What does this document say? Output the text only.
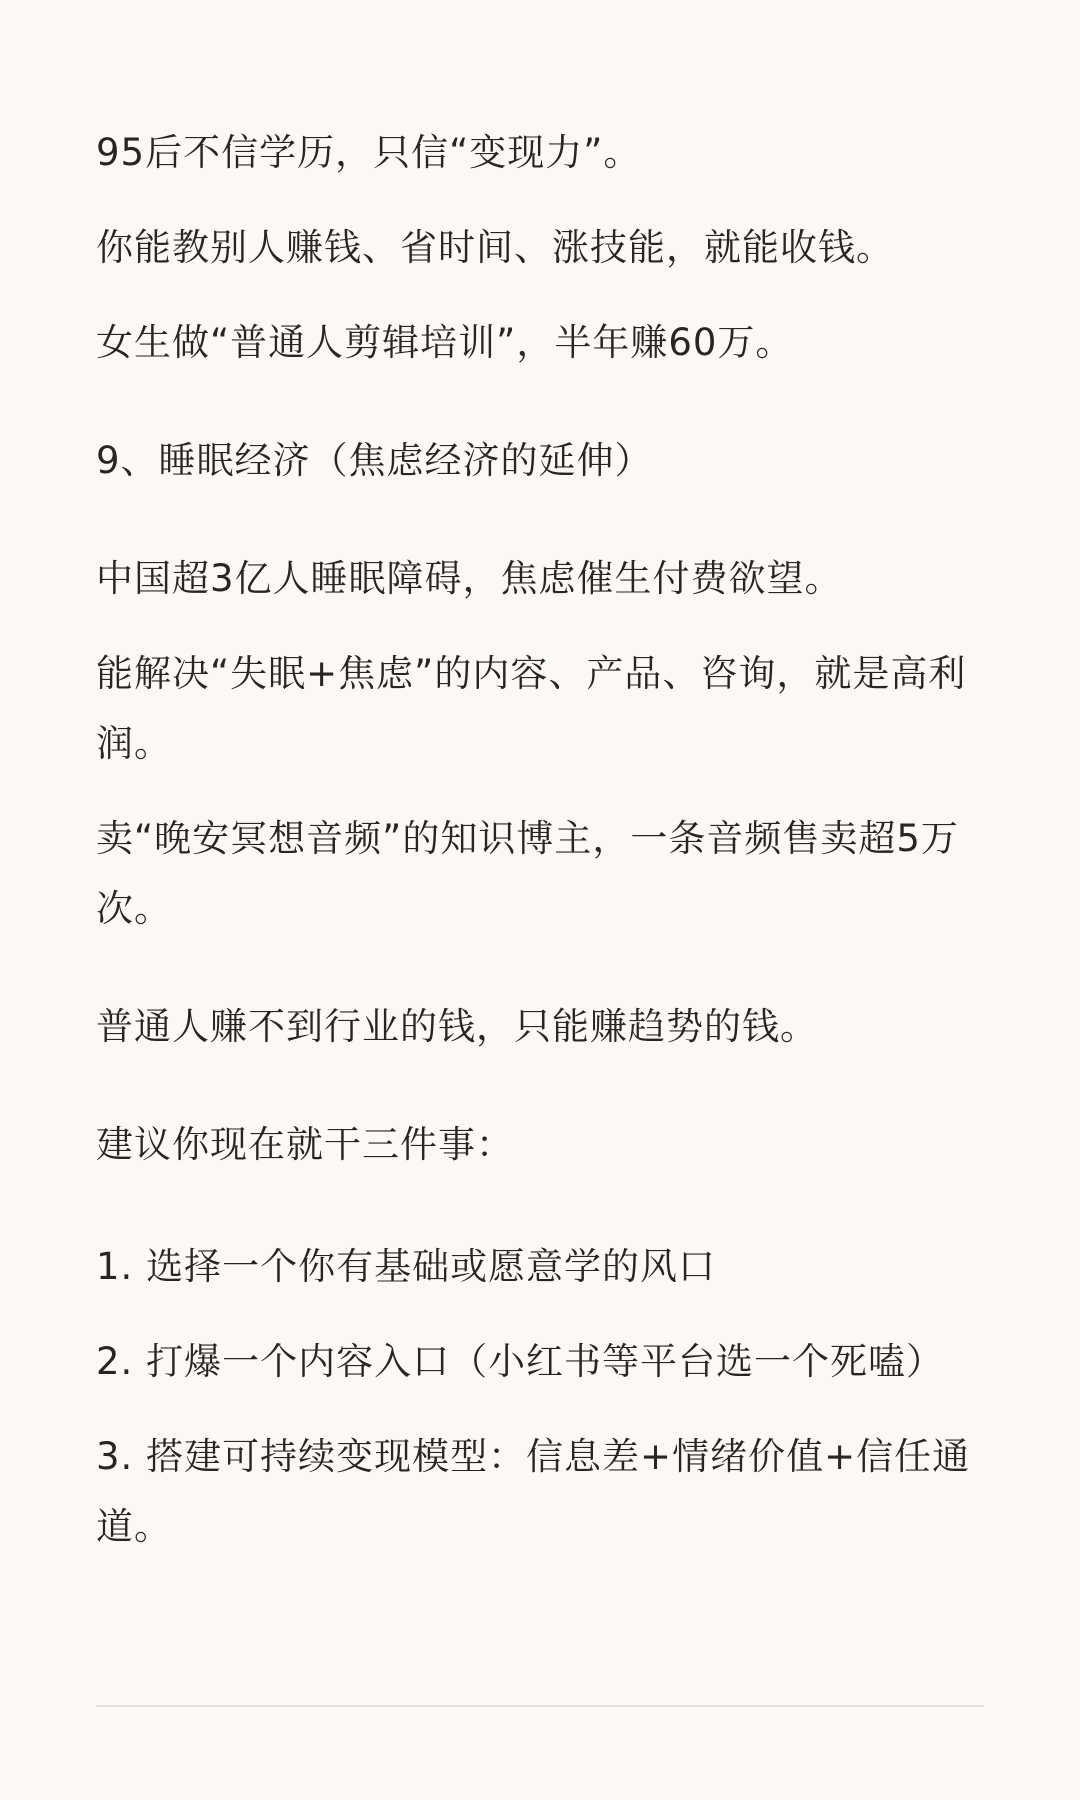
95后不信学历，只信“变现力”。

你能教别人赚钱、省时间、涨技能，就能收钱。

女生做“普通人剪辑培训”，半年赚60万。

9、睡眠经济（焦虑经济的延伸）

中国超3亿人睡眠障碍，焦虑催生付费欲望。

能解决“失眠+焦虑”的内容、产品、咨询，就是高利润。

卖“晚安冥想音频”的知识博主，一条音频售卖超5万次。

普通人赚不到行业的钱，只能赚趋势的钱。

建议你现在就干三件事：

1. 选择一个你有基础或愿意学的风口

2. 打爆一个内容入口（小红书等平台选一个死嗑）

3. 搭建可持续变现模型：信息差+情绪价值+信任通道。
